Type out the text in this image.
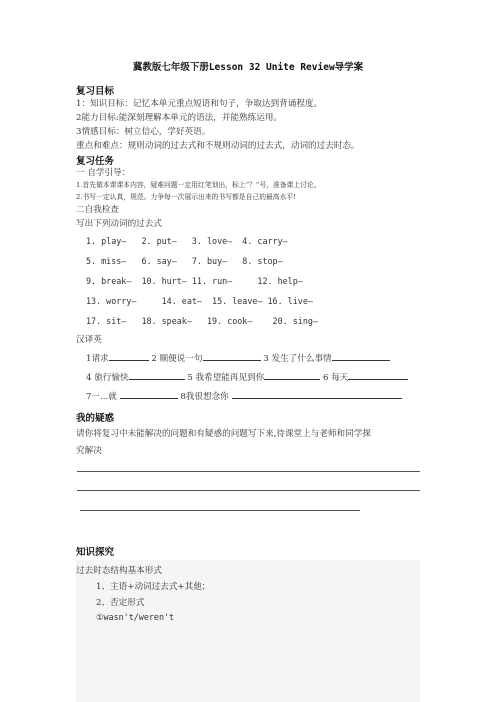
冀教版七年级下册Lesson 32 Unite Review导学案
复习目标
1：知识目标：记忆本单元重点短语和句子，争取达到背诵程度。
2能力目标:能深刻理解本单元的语法，并能熟练运用。
3情感目标：树立信心，学好英语。
重点和难点：规则动词的过去式和不规则动词的过去式，动词的过去时态。
复习任务
一 自学引导：
1.首先做本课课本内容，疑难问题一定用红笔划出，标上“？”号，准备课上讨论。
2.书写一定认真，规范。力争每一次展示出来的书写都是自己的最高水平!
二自我检查
写出下列动词的过去式
1. play—   2. put—   3. love—  4. carry—
5. miss—   6. say—   7. buy—   8. stop—
9. break—  10. hurt— 11. run—     12. help—
13. worry—     14. eat—  15. leave— 16. live—
17. sit—   18. speak—   19. cook—    20. sing—
汉译英
1请求	2 顺便说一句	3 发生了什么事情
4 旅行愉快	5 我希望能再见到你	6 每天
7一...就	8我很想念你
我的疑惑
请你将复习中未能解决的问题和有疑惑的问题写下来,待课堂上与老师和同学探
究解决
知识探究
过去时态结构基本形式
1、主语+动词过去式+其他；
2、否定形式
①wasn't/weren't
